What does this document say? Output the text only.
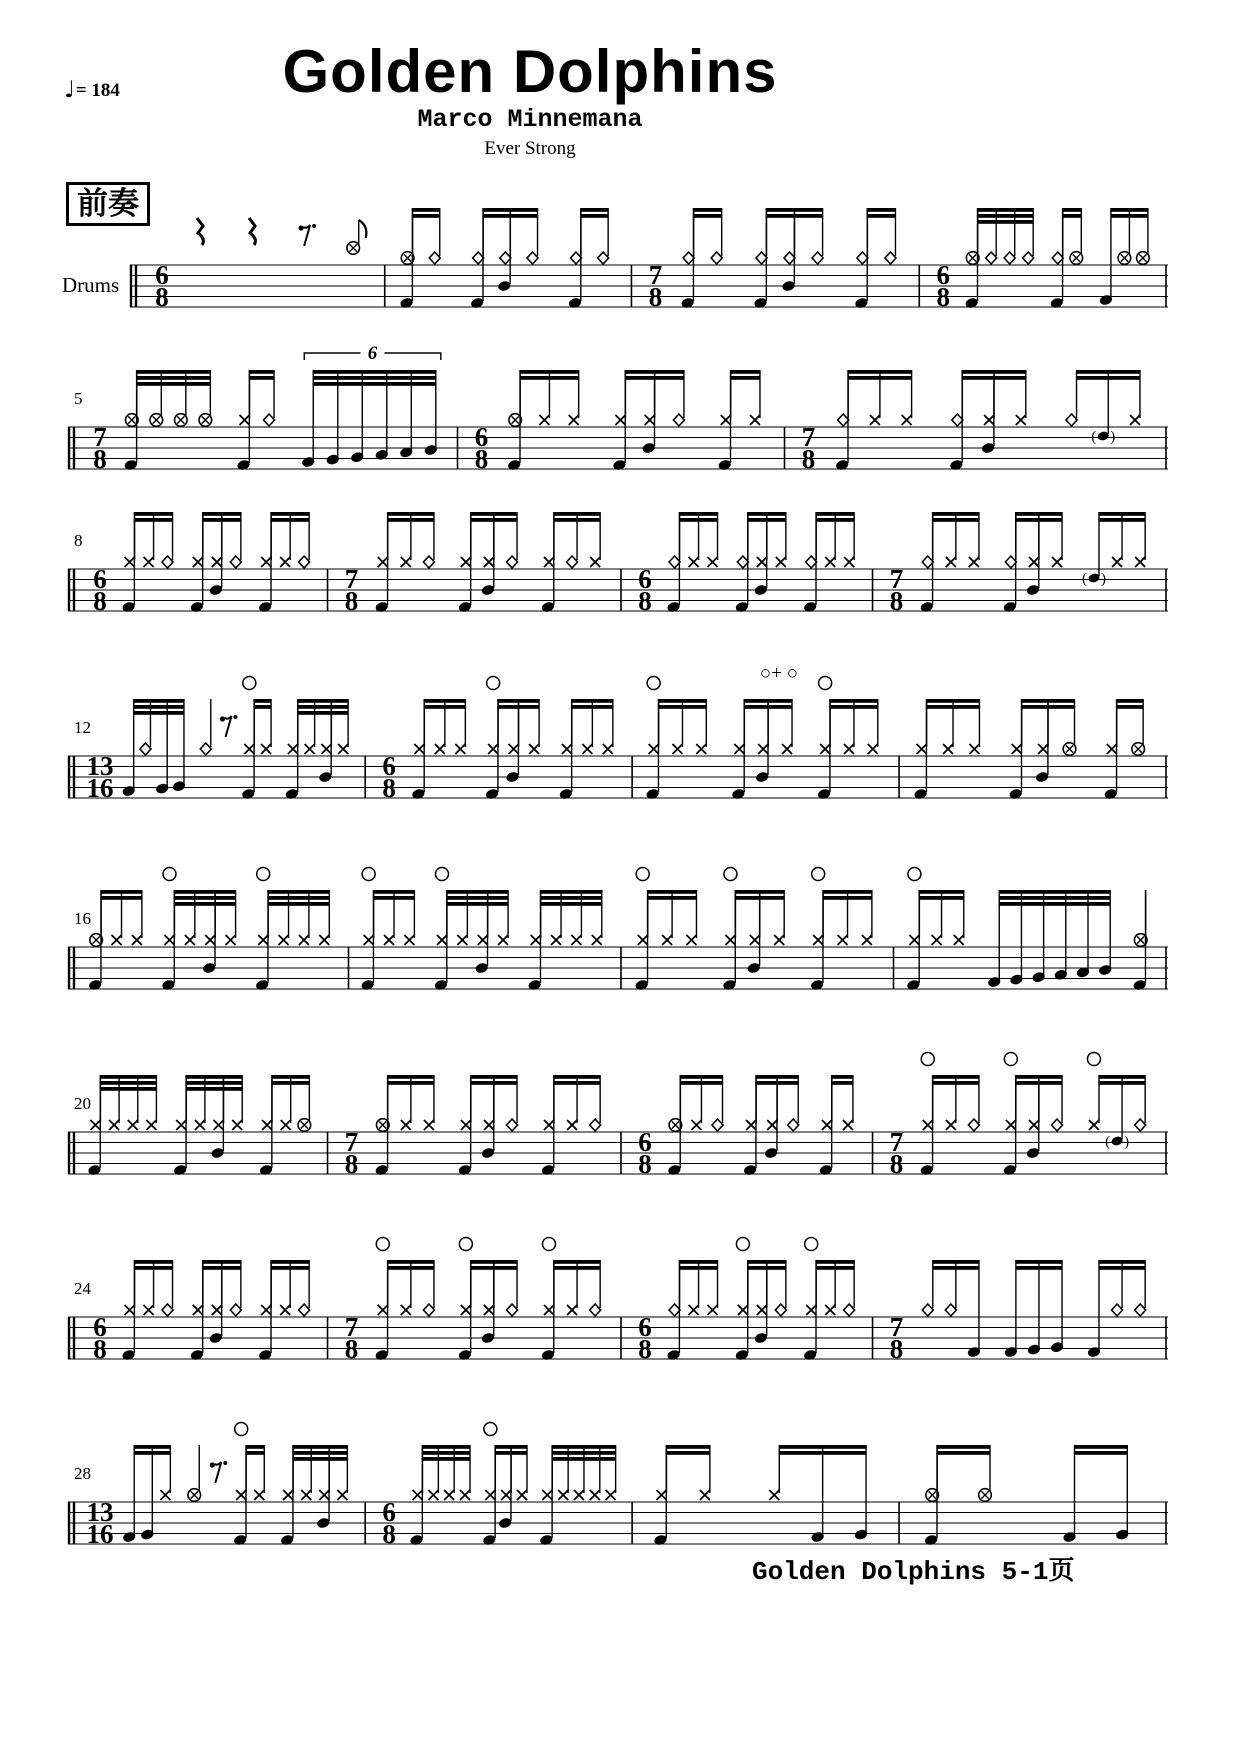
♩= 184	Golden Dolphins
Marco Minnemana
Ever Strong
前奏
Drums 6
8
7
8
6
8
5
7
8
6
6
8
7
8
( )
8
6
8
7
8
6
8
7
8
( )
12
13
16
6
8
○+ ○
16
20
7
8
6
8
7
8
( )
24
6
8
7
8
6
8
7
8
28
13
16
6
8
Golden Dolphins 5-1页
